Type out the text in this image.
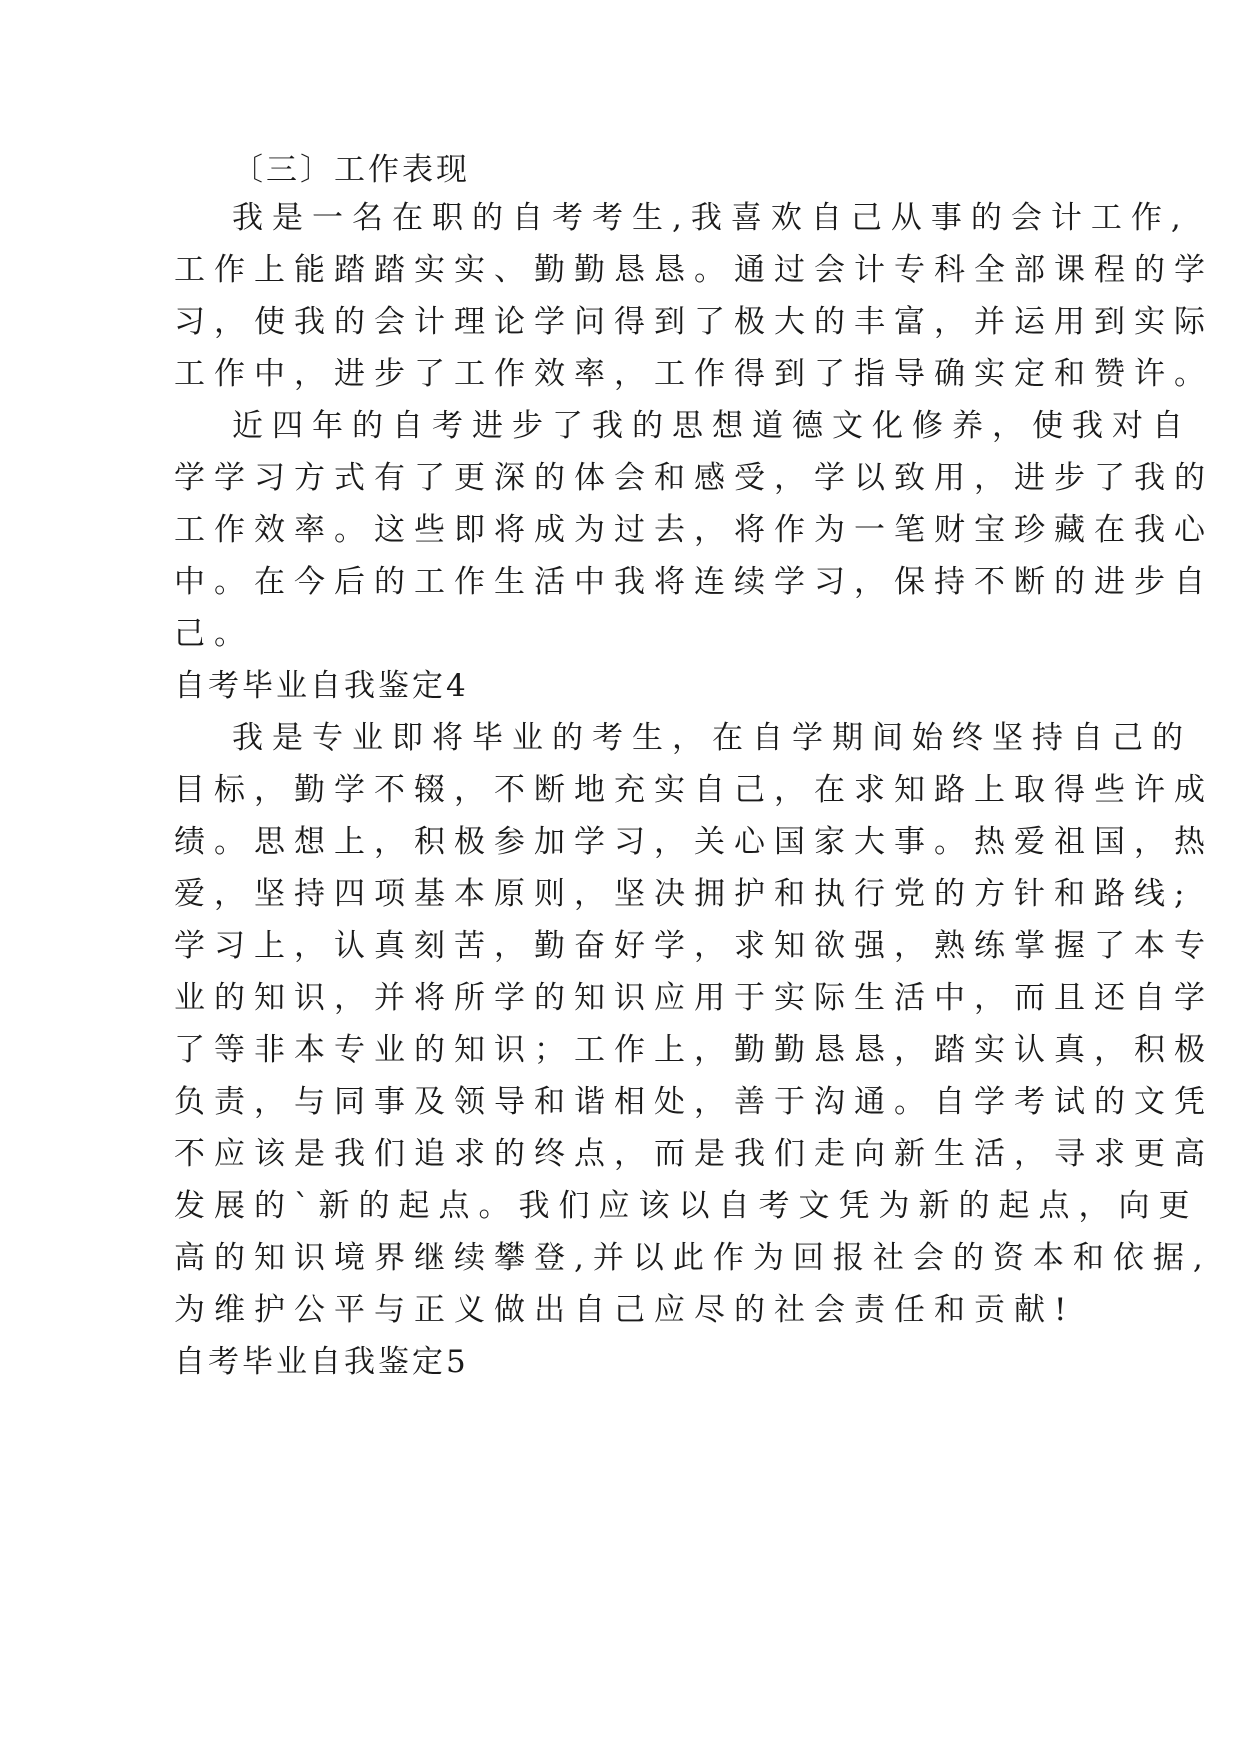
〔三〕工作表现
我是一名在职的自考考生,我喜欢自己从事的会计工作,
工作上能踏踏实实、勤勤恳恳。通过会计专科全部课程的学
习，使我的会计理论学问得到了极大的丰富，并运用到实际
工作中，进步了工作效率，工作得到了指导确实定和赞许。
近四年的自考进步了我的思想道德文化修养，使我对自
学学习方式有了更深的体会和感受，学以致用，进步了我的
工作效率。这些即将成为过去，将作为一笔财宝珍藏在我心
中。在今后的工作生活中我将连续学习，保持不断的进步自
己。
自考毕业自我鉴定4
我是专业即将毕业的考生，在自学期间始终坚持自己的
目标，勤学不辍，不断地充实自己，在求知路上取得些许成
绩。思想上，积极参加学习，关心国家大事。热爱祖国，热
爱，坚持四项基本原则，坚决拥护和执行党的方针和路线;
学习上，认真刻苦，勤奋好学，求知欲强，熟练掌握了本专
业的知识，并将所学的知识应用于实际生活中，而且还自学
了等非本专业的知识；工作上，勤勤恳恳，踏实认真，积极
负责，与同事及领导和谐相处，善于沟通。自学考试的文凭
不应该是我们追求的终点，而是我们走向新生活，寻求更高
发展的`新的起点。我们应该以自考文凭为新的起点，向更
高的知识境界继续攀登,并以此作为回报社会的资本和依据,
为维护公平与正义做出自己应尽的社会责任和贡献!
自考毕业自我鉴定5
